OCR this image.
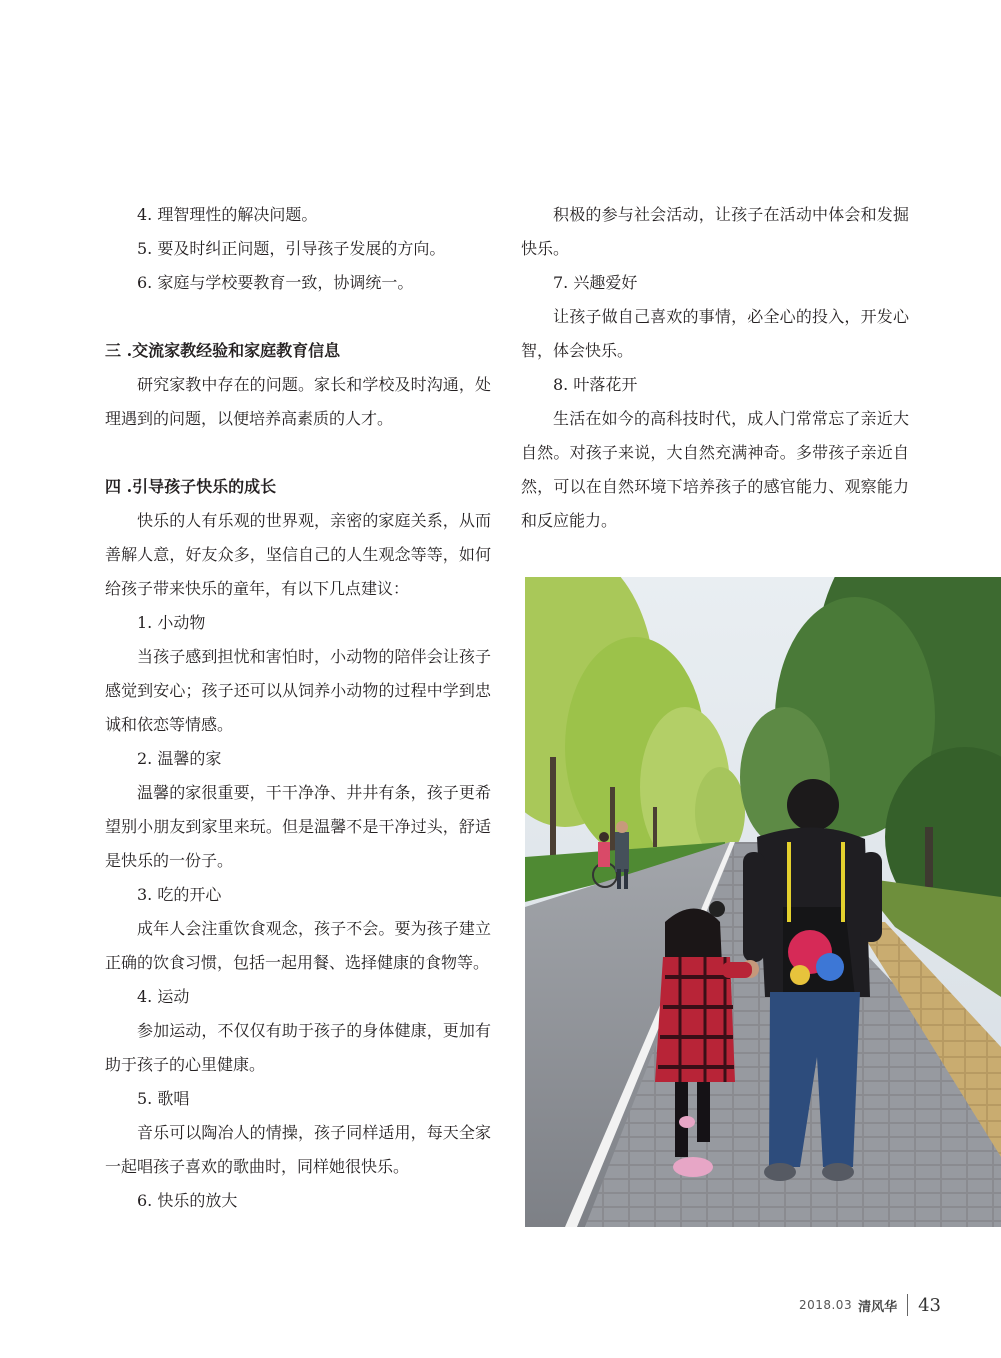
4. 理智理性的解决问题。

5. 要及时纠正问题，引导孩子发展的方向。

6. 家庭与学校要教育一致，协调统一。

三 .交流家教经验和家庭教育信息

研究家教中存在的问题。家长和学校及时沟通，处理遇到的问题，以便培养高素质的人才。

四 .引导孩子快乐的成长

快乐的人有乐观的世界观，亲密的家庭关系，从而善解人意，好友众多，坚信自己的人生观念等等，如何给孩子带来快乐的童年，有以下几点建议：

1. 小动物

当孩子感到担忧和害怕时，小动物的陪伴会让孩子感觉到安心；孩子还可以从饲养小动物的过程中学到忠诚和依恋等情感。

2. 温馨的家

温馨的家很重要，干干净净、井井有条，孩子更希望别小朋友到家里来玩。但是温馨不是干净过头，舒适是快乐的一份子。

3. 吃的开心

成年人会注重饮食观念，孩子不会。要为孩子建立正确的饮食习惯，包括一起用餐、选择健康的食物等。

4. 运动

参加运动，不仅仅有助于孩子的身体健康，更加有助于孩子的心里健康。

5. 歌唱

音乐可以陶冶人的情操，孩子同样适用，每天全家一起唱孩子喜欢的歌曲时，同样她很快乐。

6. 快乐的放大

积极的参与社会活动，让孩子在活动中体会和发掘快乐。

7. 兴趣爱好

让孩子做自己喜欢的事情，必全心的投入，开发心智，体会快乐。

8. 叶落花开

生活在如今的高科技时代，成人门常常忘了亲近大自然。对孩子来说，大自然充满神奇。多带孩子亲近自然，可以在自然环境下培养孩子的感官能力、观察能力和反应能力。

2018.03 清风华 43
